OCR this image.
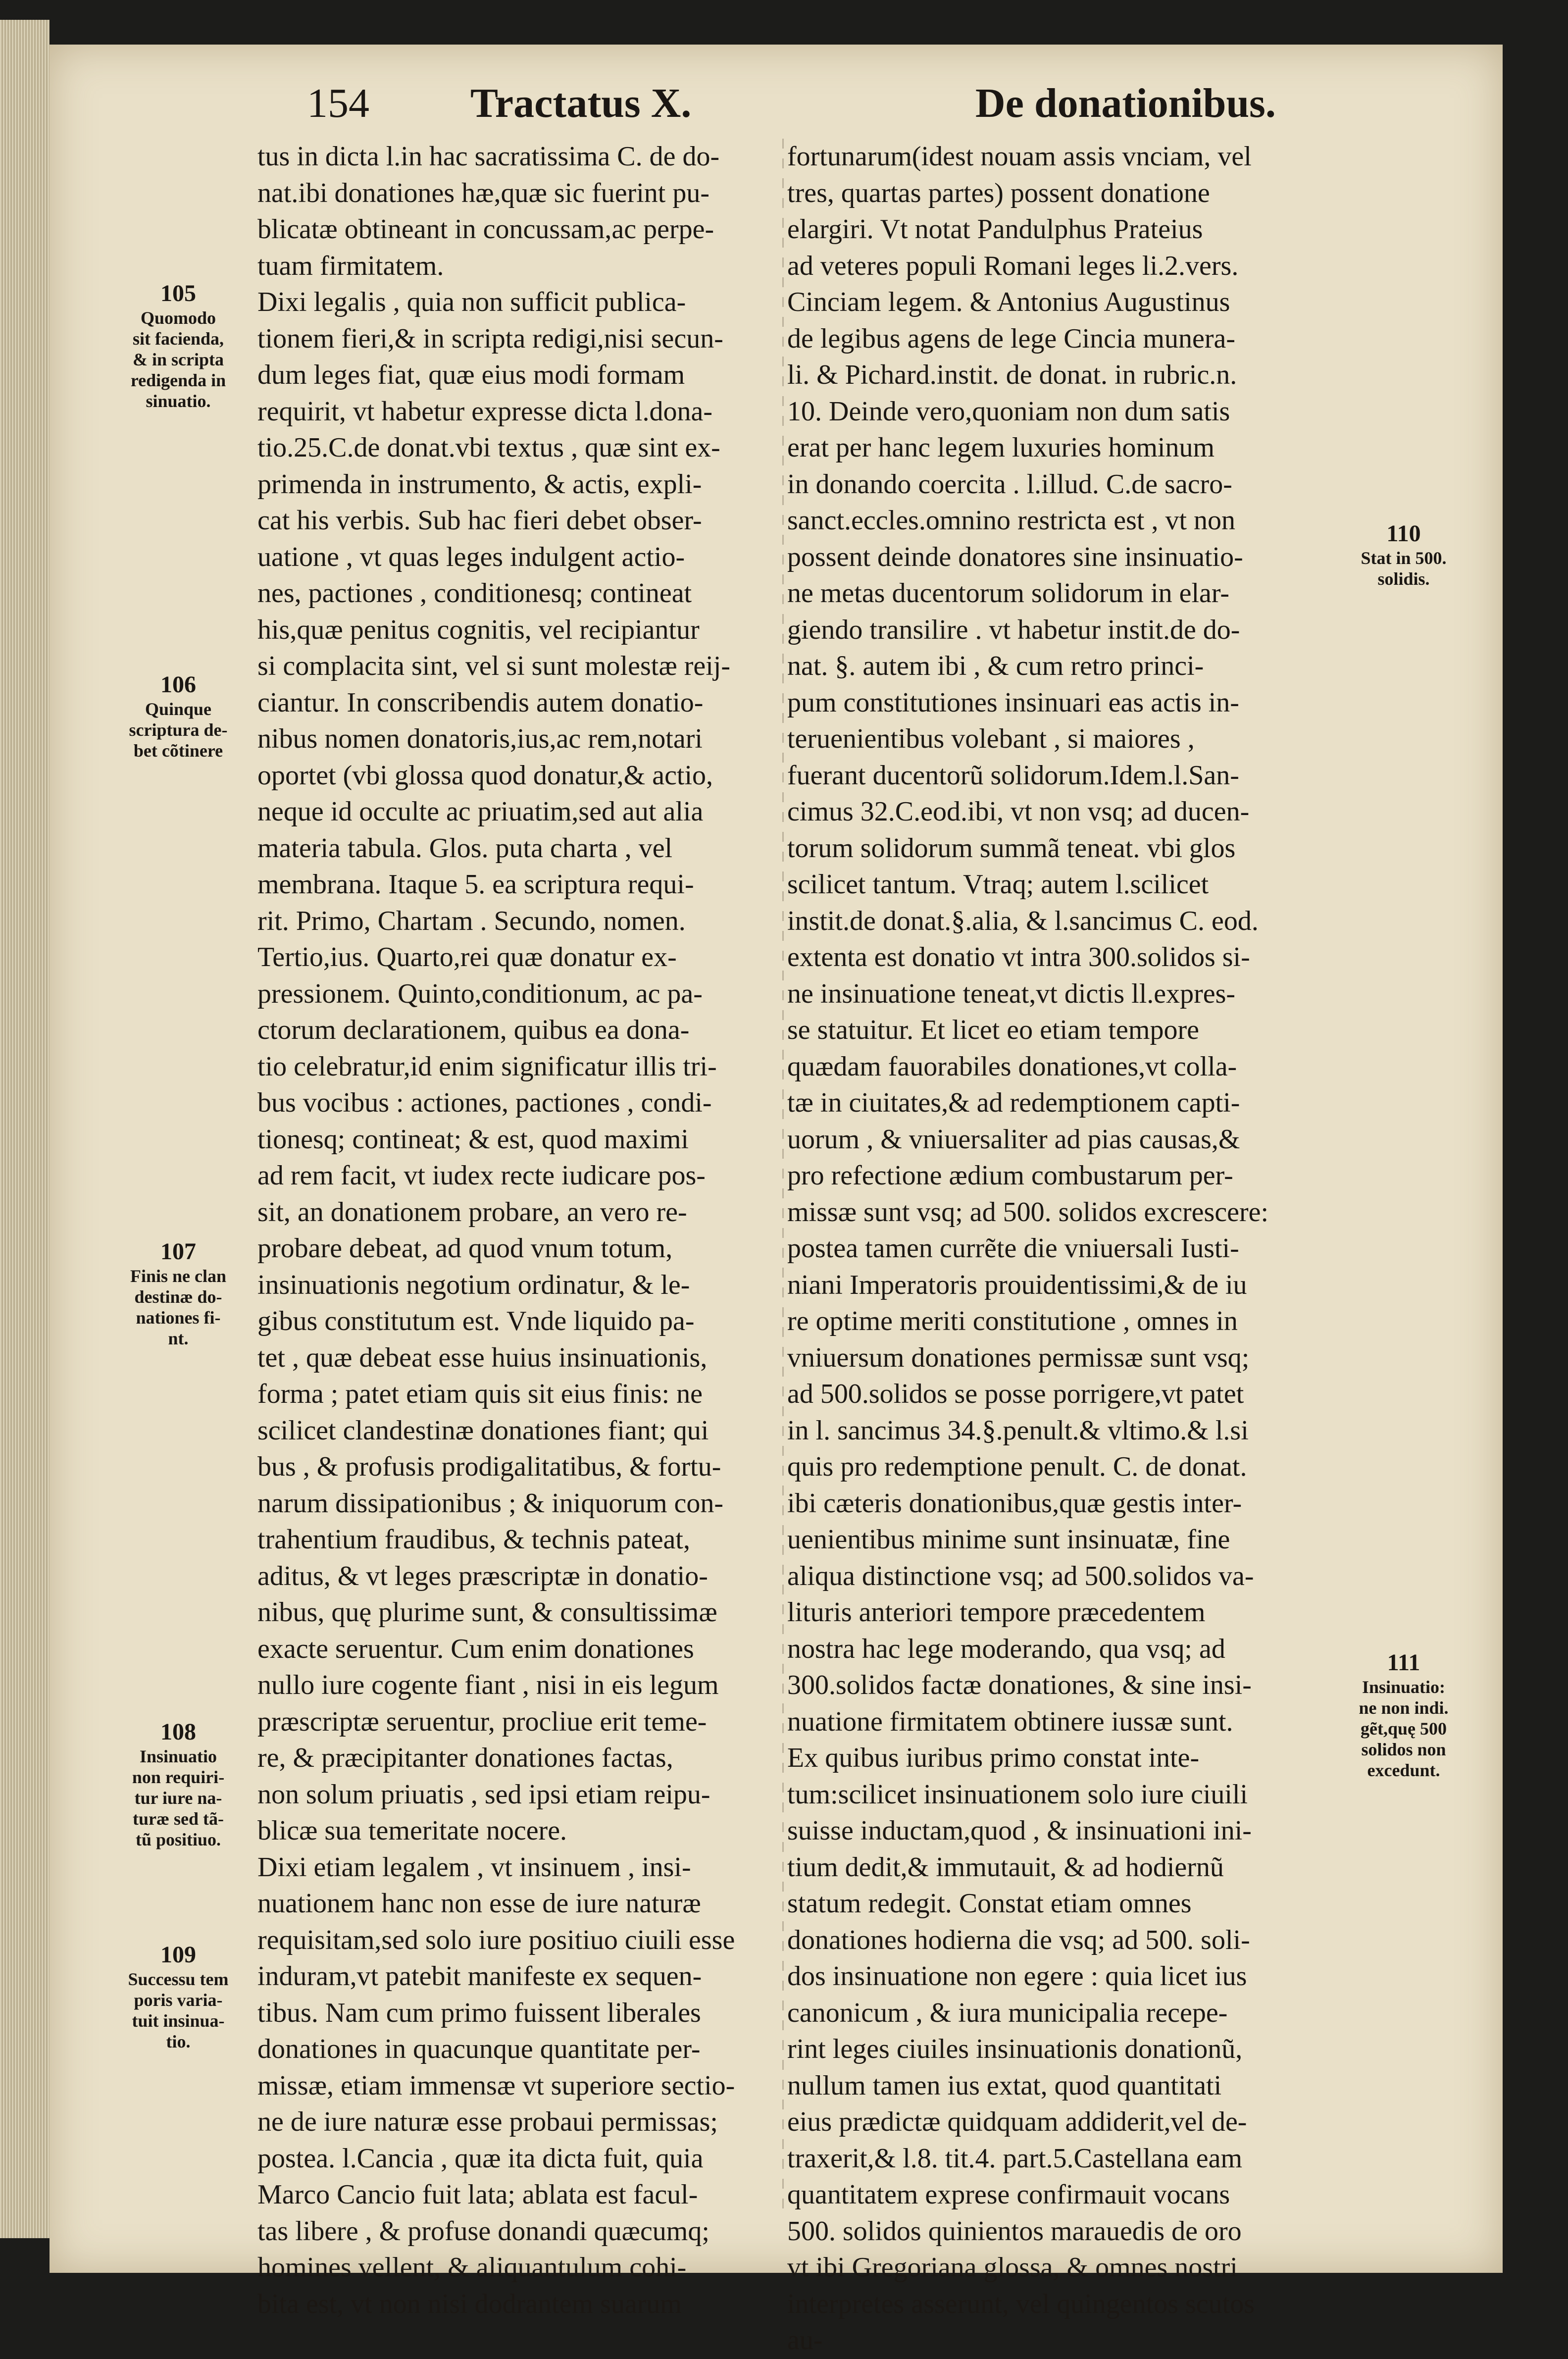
154 Tractatus X.	De donationibus.

tus in dicta l.in hac sacratissima C. de do-

nat.ibi donationes hæ,quæ sic fuerint pu-

blicatæ obtineant in concussam,ac perpe-

tuam firmitatem.

Dixi legalis , quia non sufficit publica-

tionem fieri,& in scripta redigi,nisi secun-

dum leges fiat, quæ eius modi formam

requirit, vt habetur expresse dicta l.dona-

tio.25.C.de donat.vbi textus , quæ sint ex-

primenda in instrumento, & actis, expli-

cat his verbis. Sub hac fieri debet obser-

uatione , vt quas leges indulgent actio-

nes, pactiones , conditionesq; contineat

his,quæ penitus cognitis, vel recipiantur

si complacita sint, vel si sunt molestæ reij-

ciantur. In conscribendis autem donatio-

nibus nomen donatoris,ius,ac rem,notari

oportet (vbi glossa quod donatur,& actio,

neque id occulte ac priuatim,sed aut alia

materia tabula. Glos. puta charta , vel

membrana. Itaque 5. ea scriptura requi-

rit. Primo, Chartam . Secundo, nomen.

Tertio,ius. Quarto,rei quæ donatur ex-

pressionem. Quinto,conditionum, ac pa-

ctorum declarationem, quibus ea dona-

tio celebratur,id enim significatur illis tri-

bus vocibus : actiones, pactiones , condi-

tionesq; contineat; & est, quod maximi

ad rem facit, vt iudex recte iudicare pos-

sit, an donationem probare, an vero re-

probare debeat, ad quod vnum totum,

insinuationis negotium ordinatur, & le-

gibus constitutum est. Vnde liquido pa-

tet , quæ debeat esse huius insinuationis,

forma ; patet etiam quis sit eius finis: ne

scilicet clandestinæ donationes fiant; qui

bus , & profusis prodigalitatibus, & fortu-

narum dissipationibus ; & iniquorum con-

trahentium fraudibus, & technis pateat,

aditus, & vt leges præscriptæ in donatio-

nibus, quę plurime sunt, & consultissimæ

exacte seruentur. Cum enim donationes

nullo iure cogente fiant , nisi in eis legum

præscriptæ seruentur, procliue erit teme-

re, & præcipitanter donationes factas,

non solum priuatis , sed ipsi etiam reipu-

blicæ sua temeritate nocere.

Dixi etiam legalem , vt insinuem , insi-

nuationem hanc non esse de iure naturæ

requisitam,sed solo iure positiuo ciuili esse

induram,vt patebit manifeste ex sequen-

tibus. Nam cum primo fuissent liberales

donationes in quacunque quantitate per-

missæ, etiam immensæ vt superiore sectio-

ne de iure naturæ esse probaui permissas;

postea. l.Cancia , quæ ita dicta fuit, quia

Marco Cancio fuit lata; ablata est facul-

tas libere , & profuse donandi quæcumq;

homines vellent, & aliquantulum cohi-

bita est, vt non nisi dodrantem suarum

fortunarum(idest nouam assis vnciam, vel

tres, quartas partes) possent donatione

elargiri. Vt notat Pandulphus Prateius

ad veteres populi Romani leges li.2.vers.

Cinciam legem. & Antonius Augustinus

de legibus agens de lege Cincia munera-

li. & Pichard.instit. de donat. in rubric.n.

10. Deinde vero,quoniam non dum satis

erat per hanc legem luxuries hominum

in donando coercita . l.illud. C.de sacro-

sanct.eccles.omnino restricta est , vt non

possent deinde donatores sine insinuatio-

ne metas ducentorum solidorum in elar-

giendo transilire . vt habetur instit.de do-

nat. §. autem ibi , & cum retro princi-

pum constitutiones insinuari eas actis in-

teruenientibus volebant , si maiores ,

fuerant ducentorũ solidorum.Idem.l.San-

cimus 32.C.eod.ibi, vt non vsq; ad ducen-

torum solidorum summã teneat. vbi glos

scilicet tantum. Vtraq; autem l.scilicet

instit.de donat.§.alia, & l.sancimus C. eod.

extenta est donatio vt intra 300.solidos si-

ne insinuatione teneat,vt dictis ll.expres-

se statuitur. Et licet eo etiam tempore

quædam fauorabiles donationes,vt colla-

tæ in ciuitates,& ad redemptionem capti-

uorum , & vniuersaliter ad pias causas,&

pro refectione ædium combustarum per-

missæ sunt vsq; ad 500. solidos excrescere:

postea tamen currẽte die vniuersali Iusti-

niani Imperatoris prouidentissimi,& de iu

re optime meriti constitutione , omnes in

vniuersum donationes permissæ sunt vsq;

ad 500.solidos se posse porrigere,vt patet

in l. sancimus 34.§.penult.& vltimo.& l.si

quis pro redemptione penult. C. de donat.

ibi cæteris donationibus,quæ gestis inter-

uenientibus minime sunt insinuatæ, fine

aliqua distinctione vsq; ad 500.solidos va-

lituris anteriori tempore præcedentem

nostra hac lege moderando, qua vsq; ad

300.solidos factæ donationes, & sine insi-

nuatione firmitatem obtinere iussæ sunt.

Ex quibus iuribus primo constat inte-

tum:scilicet insinuationem solo iure ciuili

suisse inductam,quod , & insinuationi ini-

tium dedit,& immutauit, & ad hodiernũ

statum redegit. Constat etiam omnes

donationes hodierna die vsq; ad 500. soli-

dos insinuatione non egere : quia licet ius

canonicum , & iura municipalia recepe-

rint leges ciuiles insinuationis donationũ,

nullum tamen ius extat, quod quantitati

eius prædictæ quidquam addiderit,vel de-

traxerit,& l.8. tit.4. part.5.Castellana eam

quantitatem exprese confirmauit vocans

500. solidos quinientos marauedis de oro

vt ibi Gregoriana glossa, & omnes nostri

interpretes asserunt, vel quingentos scutos

au-

105

Quomodo

sit facienda,

& in scripta

redigenda in

sinuatio.

106

Quinque

scriptura de-

bet cõtinere

107

Finis ne clan

destinæ do-

nationes fi-

nt.

108

Insinuatio

non requiri-

tur iure na-

turæ sed tã-

tũ positiuo.

109

Successu tem

poris varia-

tuit insinua-

tio.

110

Stat in 500.

solidis.

111

Insinuatio:

ne non indi.

gẽt,quę 500

solidos non

excedunt.
